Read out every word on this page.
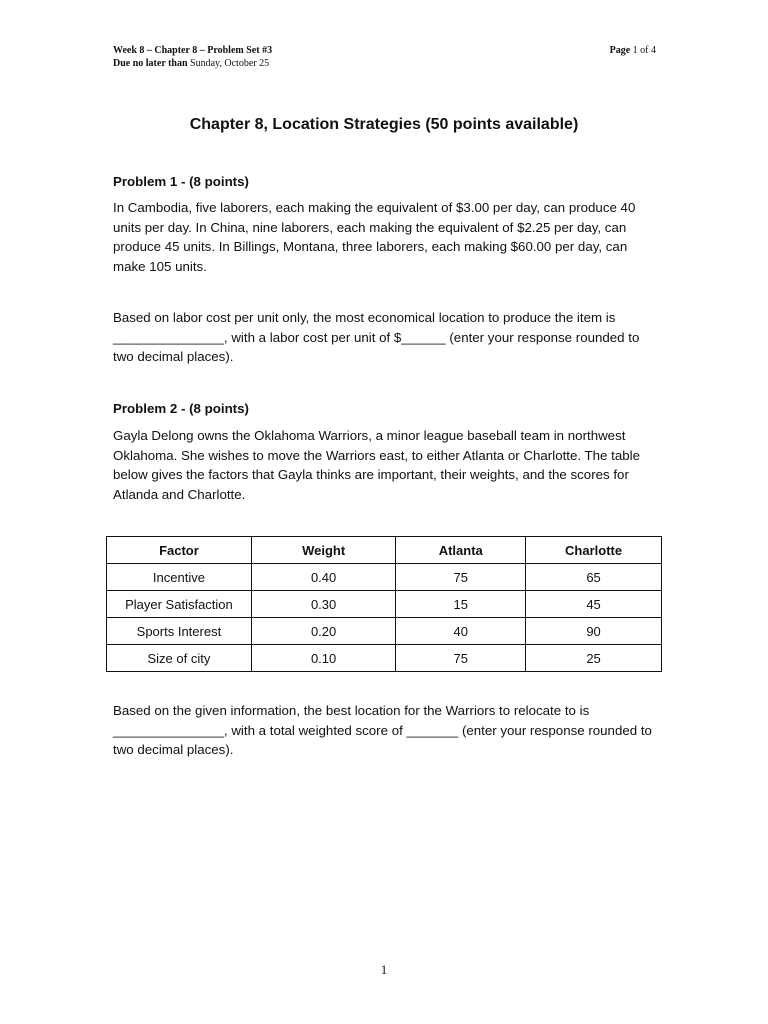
Week 8 – Chapter 8 – Problem Set #3
Due no later than Sunday, October 25
Page 1 of 4
Chapter 8, Location Strategies (50 points available)
Problem 1 - (8 points)

In Cambodia, five laborers, each making the equivalent of $3.00 per day, can produce 40 units per day. In China, nine laborers, each making the equivalent of $2.25 per day, can produce 45 units. In Billings, Montana, three laborers, each making $60.00 per day, can make 105 units.

Based on labor cost per unit only, the most economical location to produce the item is _______________, with a labor cost per unit of $______ (enter your response rounded to two decimal places).

Problem 2 - (8 points)

Gayla Delong owns the Oklahoma Warriors, a minor league baseball team in northwest Oklahoma. She wishes to move the Warriors east, to either Atlanta or Charlotte. The table below gives the factors that Gayla thinks are important, their weights, and the scores for Atlanda and Charlotte.

Factor	Weight	Atlanta	Charlotte
Incentive	0.40	75	65
Player Satisfaction	0.30	15	45
Sports Interest	0.20	40	90
Size of city	0.10	75	25

Based on the given information, the best location for the Warriors to relocate to is _______________, with a total weighted score of _______ (enter your response rounded to two decimal places).

1
